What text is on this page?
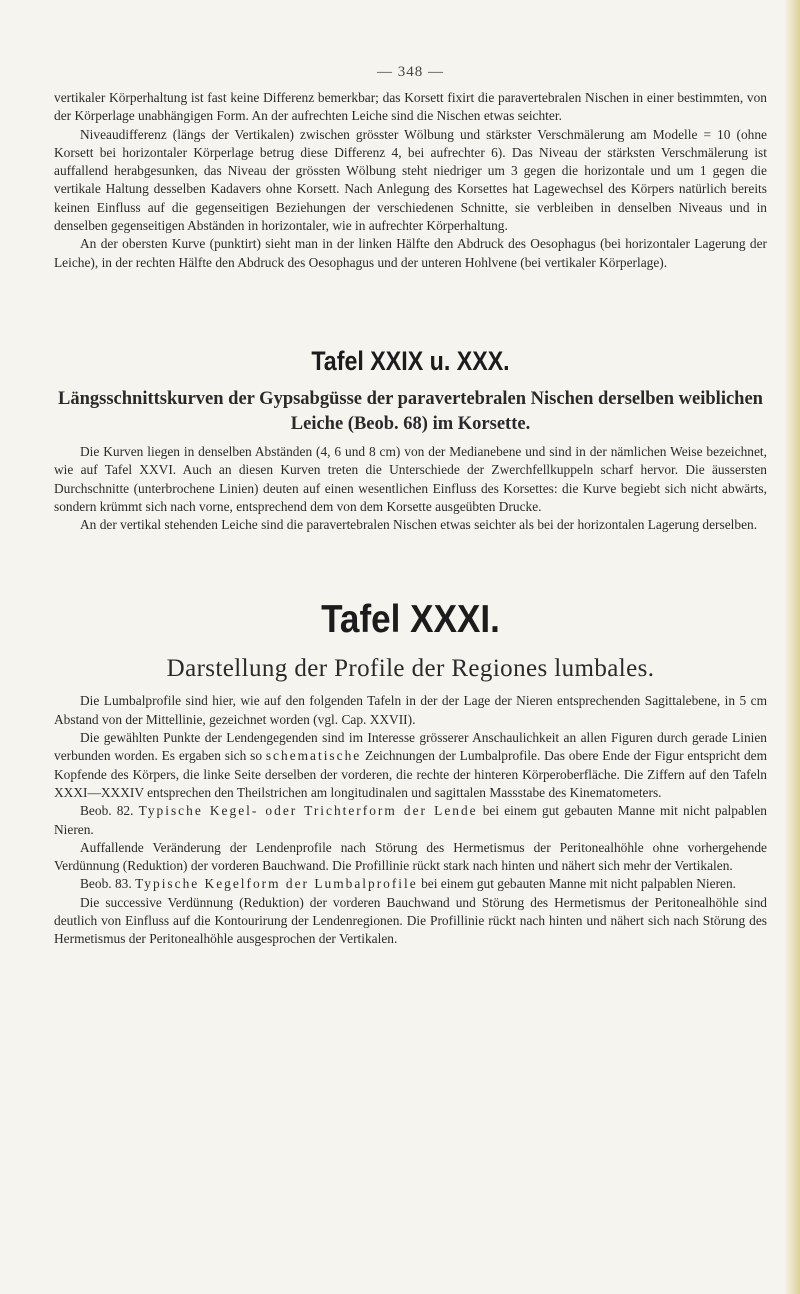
— 348 —

vertikaler Körperhaltung ist fast keine Differenz bemerkbar; das Korsett fixirt die paravertebralen Nischen in einer bestimmten, von der Körperlage unabhängigen Form. An der aufrechten Leiche sind die Nischen etwas seichter.

Niveaudifferenz (längs der Vertikalen) zwischen grösster Wölbung und stärkster Verschmälerung am Modelle = 10 (ohne Korsett bei horizontaler Körperlage betrug diese Differenz 4, bei aufrechter 6). Das Niveau der stärksten Verschmälerung ist auffallend herabgesunken, das Niveau der grössten Wölbung steht niedriger um 3 gegen die horizontale und um 1 gegen die vertikale Haltung desselben Kadavers ohne Korsett. Nach Anlegung des Korsettes hat Lagewechsel des Körpers natürlich bereits keinen Einfluss auf die gegenseitigen Beziehungen der verschiedenen Schnitte, sie verbleiben in denselben Niveaus und in denselben gegenseitigen Abständen in horizontaler, wie in aufrechter Körperhaltung.

An der obersten Kurve (punktirt) sieht man in der linken Hälfte den Abdruck des Oesophagus (bei horizontaler Lagerung der Leiche), in der rechten Hälfte den Abdruck des Oesophagus und der unteren Hohlvene (bei vertikaler Körperlage).

Tafel XXIX u. XXX.
Längsschnittskurven der Gypsabgüsse der paravertebralen Nischen derselben weiblichen Leiche (Beob. 68) im Korsette.

Die Kurven liegen in denselben Abständen (4, 6 und 8 cm) von der Medianebene und sind in der nämlichen Weise bezeichnet, wie auf Tafel XXVI. Auch an diesen Kurven treten die Unterschiede der Zwerchfellkuppeln scharf hervor. Die äussersten Durchschnitte (unterbrochene Linien) deuten auf einen wesentlichen Einfluss des Korsettes: die Kurve begiebt sich nicht abwärts, sondern krümmt sich nach vorne, entsprechend dem von dem Korsette ausgeübten Drucke.

An der vertikal stehenden Leiche sind die paravertebralen Nischen etwas seichter als bei der horizontalen Lagerung derselben.

Tafel XXXI.
Darstellung der Profile der Regiones lumbales.

Die Lumbalprofile sind hier, wie auf den folgenden Tafeln in der der Lage der Nieren entsprechenden Sagittalebene, in 5 cm Abstand von der Mittellinie, gezeichnet worden (vgl. Cap. XXVII).

Die gewählten Punkte der Lendengegenden sind im Interesse grösserer Anschaulichkeit an allen Figuren durch gerade Linien verbunden worden. Es ergaben sich so schematische Zeichnungen der Lumbalprofile. Das obere Ende der Figur entspricht dem Kopfende des Körpers, die linke Seite derselben der vorderen, die rechte der hinteren Körperoberfläche. Die Ziffern auf den Tafeln XXXI—XXXIV entsprechen den Theilstrichen am longitudinalen und sagittalen Massstabe des Kinematometers.

Beob. 82. Typische Kegel- oder Trichterform der Lende bei einem gut gebauten Manne mit nicht palpablen Nieren.

Auffallende Veränderung der Lendenprofile nach Störung des Hermetismus der Peritonealhöhle ohne vorhergehende Verdünnung (Reduktion) der vorderen Bauchwand. Die Profillinie rückt stark nach hinten und nähert sich mehr der Vertikalen.

Beob. 83. Typische Kegelform der Lumbalprofile bei einem gut gebauten Manne mit nicht palpablen Nieren.

Die successive Verdünnung (Reduktion) der vorderen Bauchwand und Störung des Hermetismus der Peritonealhöhle sind deutlich von Einfluss auf die Kontourirung der Lendenregionen. Die Profillinie rückt nach hinten und nähert sich nach Störung des Hermetismus der Peritonealhöhle ausgesprochen der Vertikalen.
